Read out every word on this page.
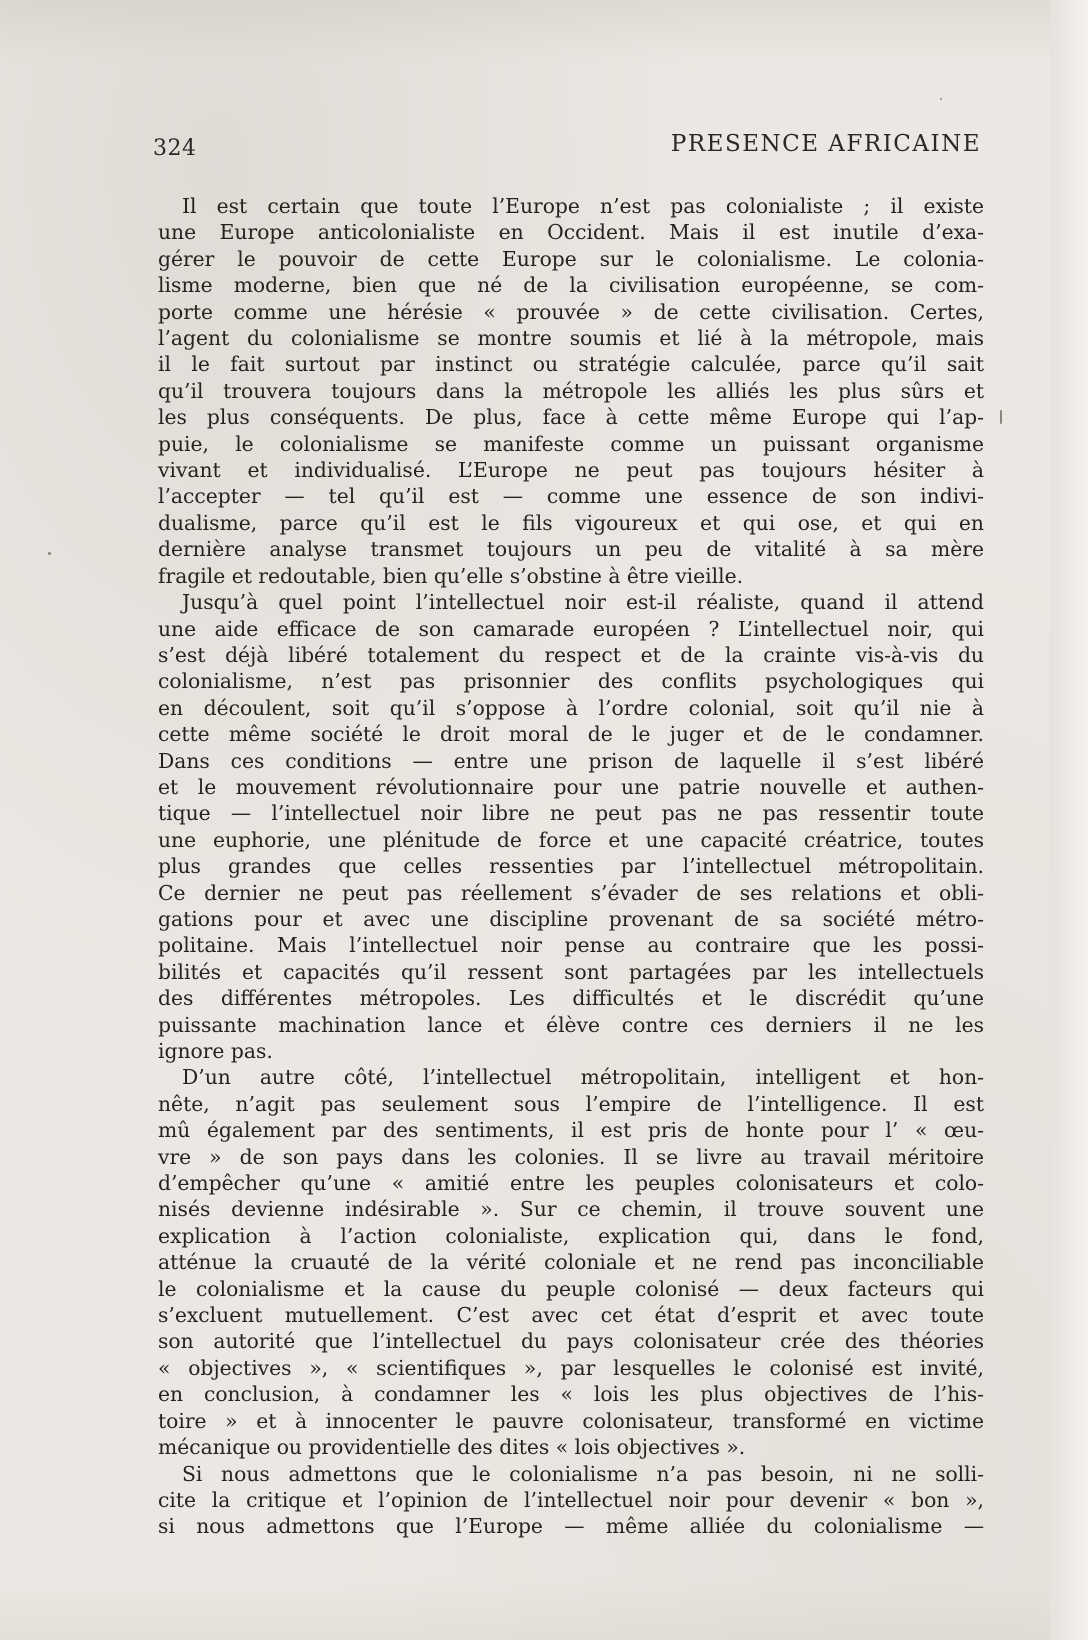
324	PRESENCE AFRICAINE
Il est certain que toute l’Europe n’est pas colonialiste ; il existe
une Europe anticolonialiste en Occident. Mais il est inutile d’exa-
gérer le pouvoir de cette Europe sur le colonialisme. Le colonia-
lisme moderne, bien que né de la civilisation européenne, se com-
porte comme une hérésie « prouvée » de cette civilisation. Certes,
l’agent du colonialisme se montre soumis et lié à la métropole, mais
il le fait surtout par instinct ou stratégie calculée, parce qu’il sait
qu’il trouvera toujours dans la métropole les alliés les plus sûrs et
les plus conséquents. De plus, face à cette même Europe qui l’ap-
puie, le colonialisme se manifeste comme un puissant organisme
vivant et individualisé. L’Europe ne peut pas toujours hésiter à
l’accepter — tel qu’il est — comme une essence de son indivi-
dualisme, parce qu’il est le fils vigoureux et qui ose, et qui en
dernière analyse transmet toujours un peu de vitalité à sa mère
fragile et redoutable, bien qu’elle s’obstine à être vieille.
Jusqu’à quel point l’intellectuel noir est-il réaliste, quand il attend
une aide efficace de son camarade européen ? L’intellectuel noir, qui
s’est déjà libéré totalement du respect et de la crainte vis-à-vis du
colonialisme, n’est pas prisonnier des conflits psychologiques qui
en découlent, soit qu’il s’oppose à l’ordre colonial, soit qu’il nie à
cette même société le droit moral de le juger et de le condamner.
Dans ces conditions — entre une prison de laquelle il s’est libéré
et le mouvement révolutionnaire pour une patrie nouvelle et authen-
tique — l’intellectuel noir libre ne peut pas ne pas ressentir toute
une euphorie, une plénitude de force et une capacité créatrice, toutes
plus grandes que celles ressenties par l’intellectuel métropolitain.
Ce dernier ne peut pas réellement s’évader de ses relations et obli-
gations pour et avec une discipline provenant de sa société métro-
politaine. Mais l’intellectuel noir pense au contraire que les possi-
bilités et capacités qu’il ressent sont partagées par les intellectuels
des différentes métropoles. Les difficultés et le discrédit qu’une
puissante machination lance et élève contre ces derniers il ne les
ignore pas.
D’un autre côté, l’intellectuel métropolitain, intelligent et hon-
nête, n’agit pas seulement sous l’empire de l’intelligence. Il est
mû également par des sentiments, il est pris de honte pour l’ « œu-
vre » de son pays dans les colonies. Il se livre au travail méritoire
d’empêcher qu’une « amitié entre les peuples colonisateurs et colo-
nisés devienne indésirable ». Sur ce chemin, il trouve souvent une
explication à l’action colonialiste, explication qui, dans le fond,
atténue la cruauté de la vérité coloniale et ne rend pas inconciliable
le colonialisme et la cause du peuple colonisé — deux facteurs qui
s’excluent mutuellement. C’est avec cet état d’esprit et avec toute
son autorité que l’intellectuel du pays colonisateur crée des théories
« objectives », « scientifiques », par lesquelles le colonisé est invité,
en conclusion, à condamner les « lois les plus objectives de l’his-
toire » et à innocenter le pauvre colonisateur, transformé en victime
mécanique ou providentielle des dites « lois objectives ».
Si nous admettons que le colonialisme n’a pas besoin, ni ne solli-
cite la critique et l’opinion de l’intellectuel noir pour devenir « bon »,
si nous admettons que l’Europe — même alliée du colonialisme —
